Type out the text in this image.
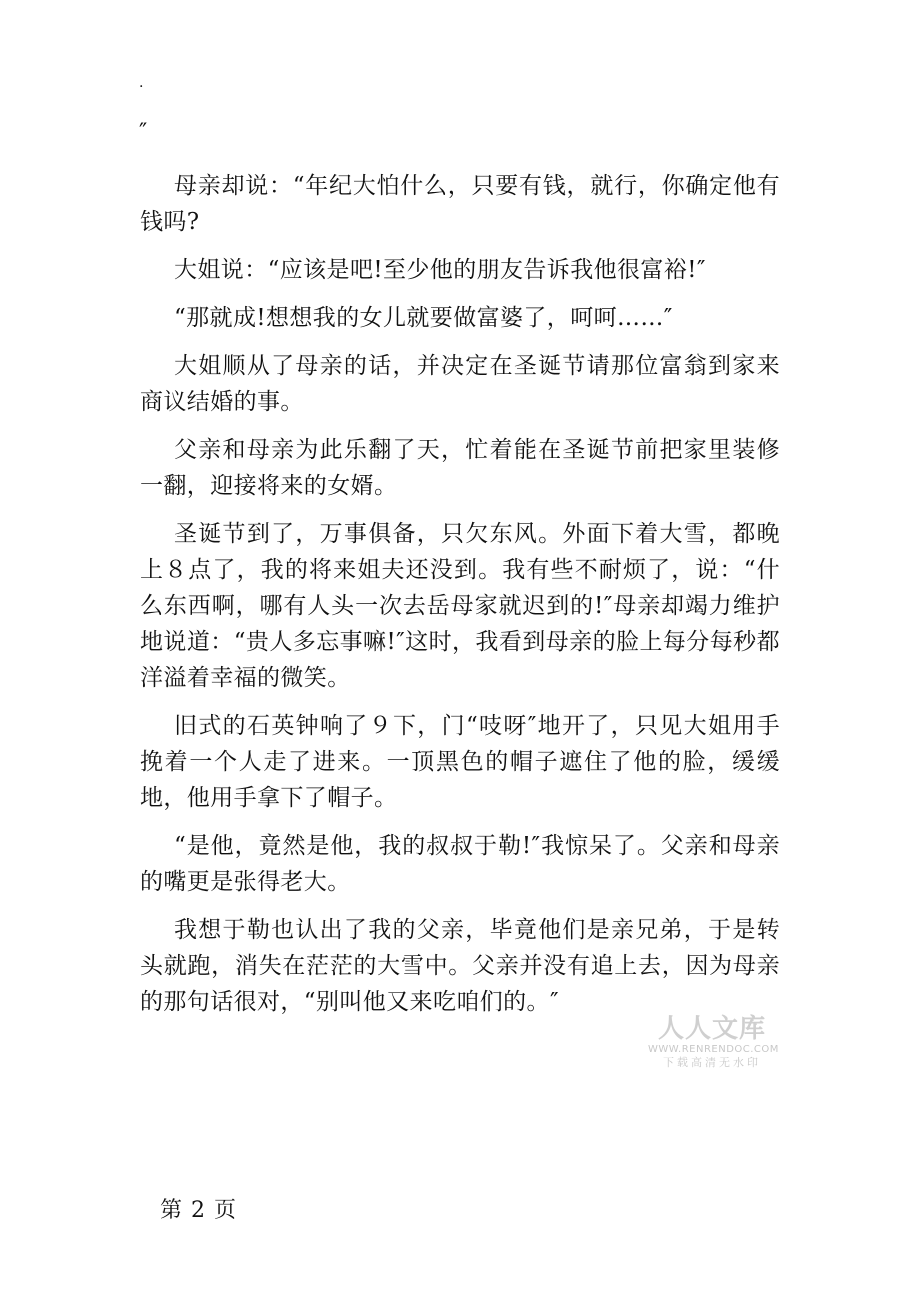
.
″

母亲却说：“年纪大怕什么，只要有钱，就行，你确定他有钱吗?

大姐说：“应该是吧!至少他的朋友告诉我他很富裕!″

“那就成!想想我的女儿就要做富婆了，呵呵……″

大姐顺从了母亲的话，并决定在圣诞节请那位富翁到家来商议结婚的事。

父亲和母亲为此乐翻了天，忙着能在圣诞节前把家里装修一翻，迎接将来的女婿。

圣诞节到了，万事俱备，只欠东风。外面下着大雪，都晚上８点了，我的将来姐夫还没到。我有些不耐烦了，说：“什么东西啊，哪有人头一次去岳母家就迟到的!″母亲却竭力维护地说道：“贵人多忘事嘛!″这时，我看到母亲的脸上每分每秒都洋溢着幸福的微笑。

旧式的石英钟响了９下，门“吱呀″地开了，只见大姐用手挽着一个人走了进来。一顶黑色的帽子遮住了他的脸，缓缓地，他用手拿下了帽子。

“是他，竟然是他，我的叔叔于勒!″我惊呆了。父亲和母亲的嘴更是张得老大。

我想于勒也认出了我的父亲，毕竟他们是亲兄弟，于是转头就跑，消失在茫茫的大雪中。父亲并没有追上去，因为母亲的那句话很对，“别叫他又来吃咱们的。″

人人文库
WWW.RENRENDOC.COM
下载高清无水印
第 2 页
